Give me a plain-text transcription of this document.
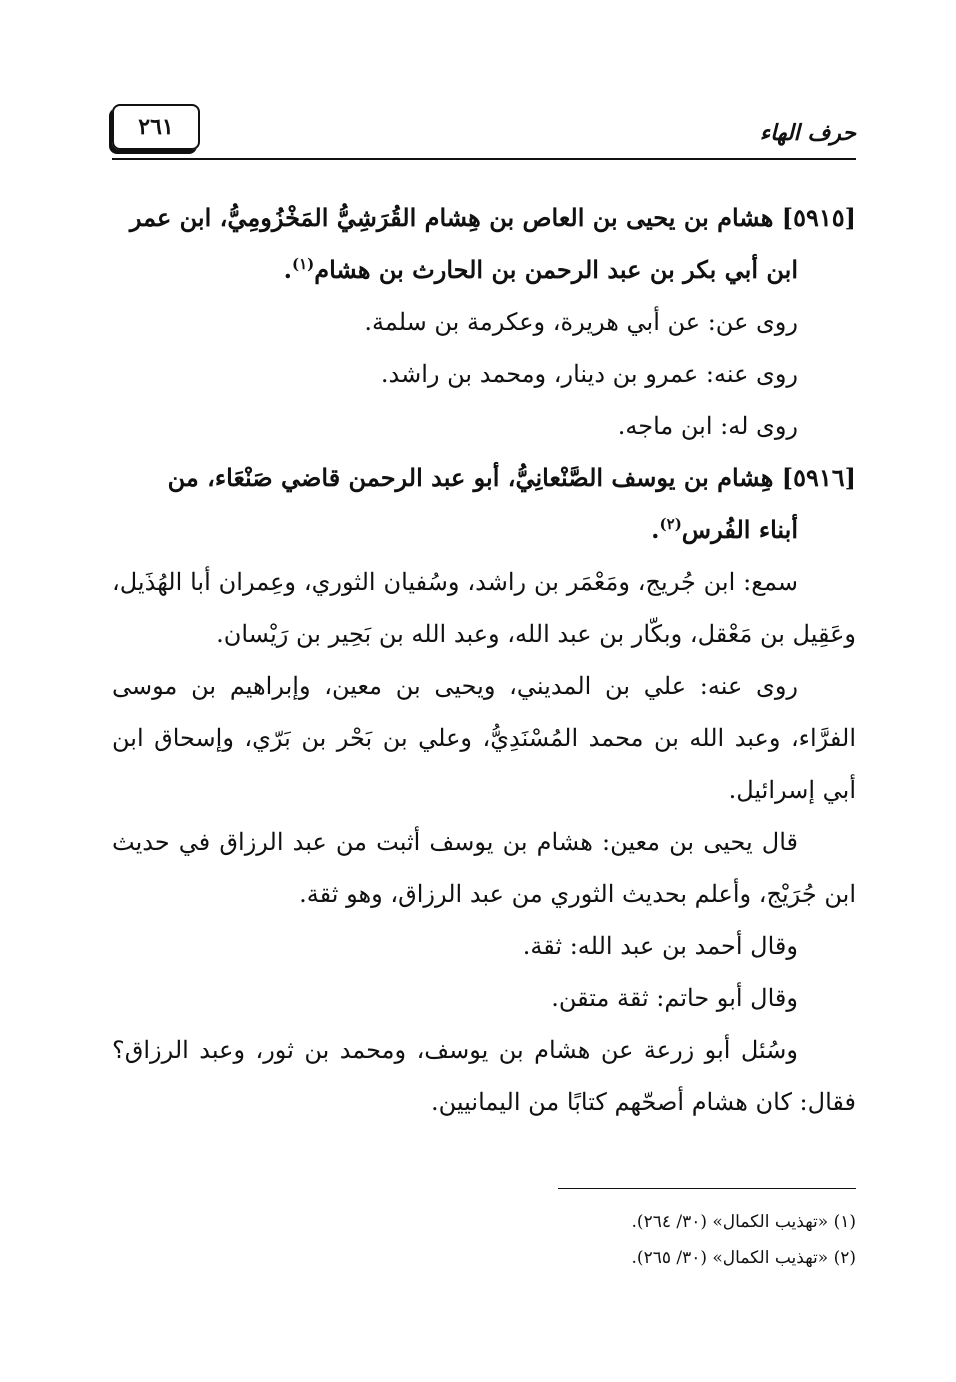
حرف الهاء
٢٦١

[٥٩١٥] هشام بن يحيى بن العاص بن هِشام القُرَشِيُّ المَخْزُومِيُّ، ابن عمر
ابن أبي بكر بن عبد الرحمن بن الحارث بن هشام$^{(١)}$.

روى عن: عن أبي هريرة، وعكرمة بن سلمة.

روى عنه: عمرو بن دينار، ومحمد بن راشد.

روى له: ابن ماجه.

[٥٩١٦] هِشام بن يوسف الصَّنْعانِيُّ، أبو عبد الرحمن قاضي صَنْعَاء، من
أبناء الفُرس$^{(٢)}$.

سمع: ابن جُريج، ومَعْمَر بن راشد، وسُفيان الثوري، وعِمران أبا الهُذَيل، وعَقِيل بن مَعْقل، وبكّار بن عبد الله، وعبد الله بن بَحِير بن رَيْسان.

روى عنه: علي بن المديني، ويحيى بن معين، وإبراهيم بن موسى الفرَّاء، وعبد الله بن محمد المُسْنَدِيُّ، وعلي بن بَحْر بن بَرّي، وإسحاق ابن أبي إسرائيل.

قال يحيى بن معين: هشام بن يوسف أثبت من عبد الرزاق في حديث ابن جُرَيْج، وأعلم بحديث الثوري من عبد الرزاق، وهو ثقة.

وقال أحمد بن عبد الله: ثقة.

وقال أبو حاتم: ثقة متقن.

وسُئل أبو زرعة عن هشام بن يوسف، ومحمد بن ثور، وعبد الرزاق؟ فقال: كان هشام أصحّهم كتابًا من اليمانيين.

(١) «تهذيب الكمال» (٣٠/ ٢٦٤).

(٢) «تهذيب الكمال» (٣٠/ ٢٦٥).
